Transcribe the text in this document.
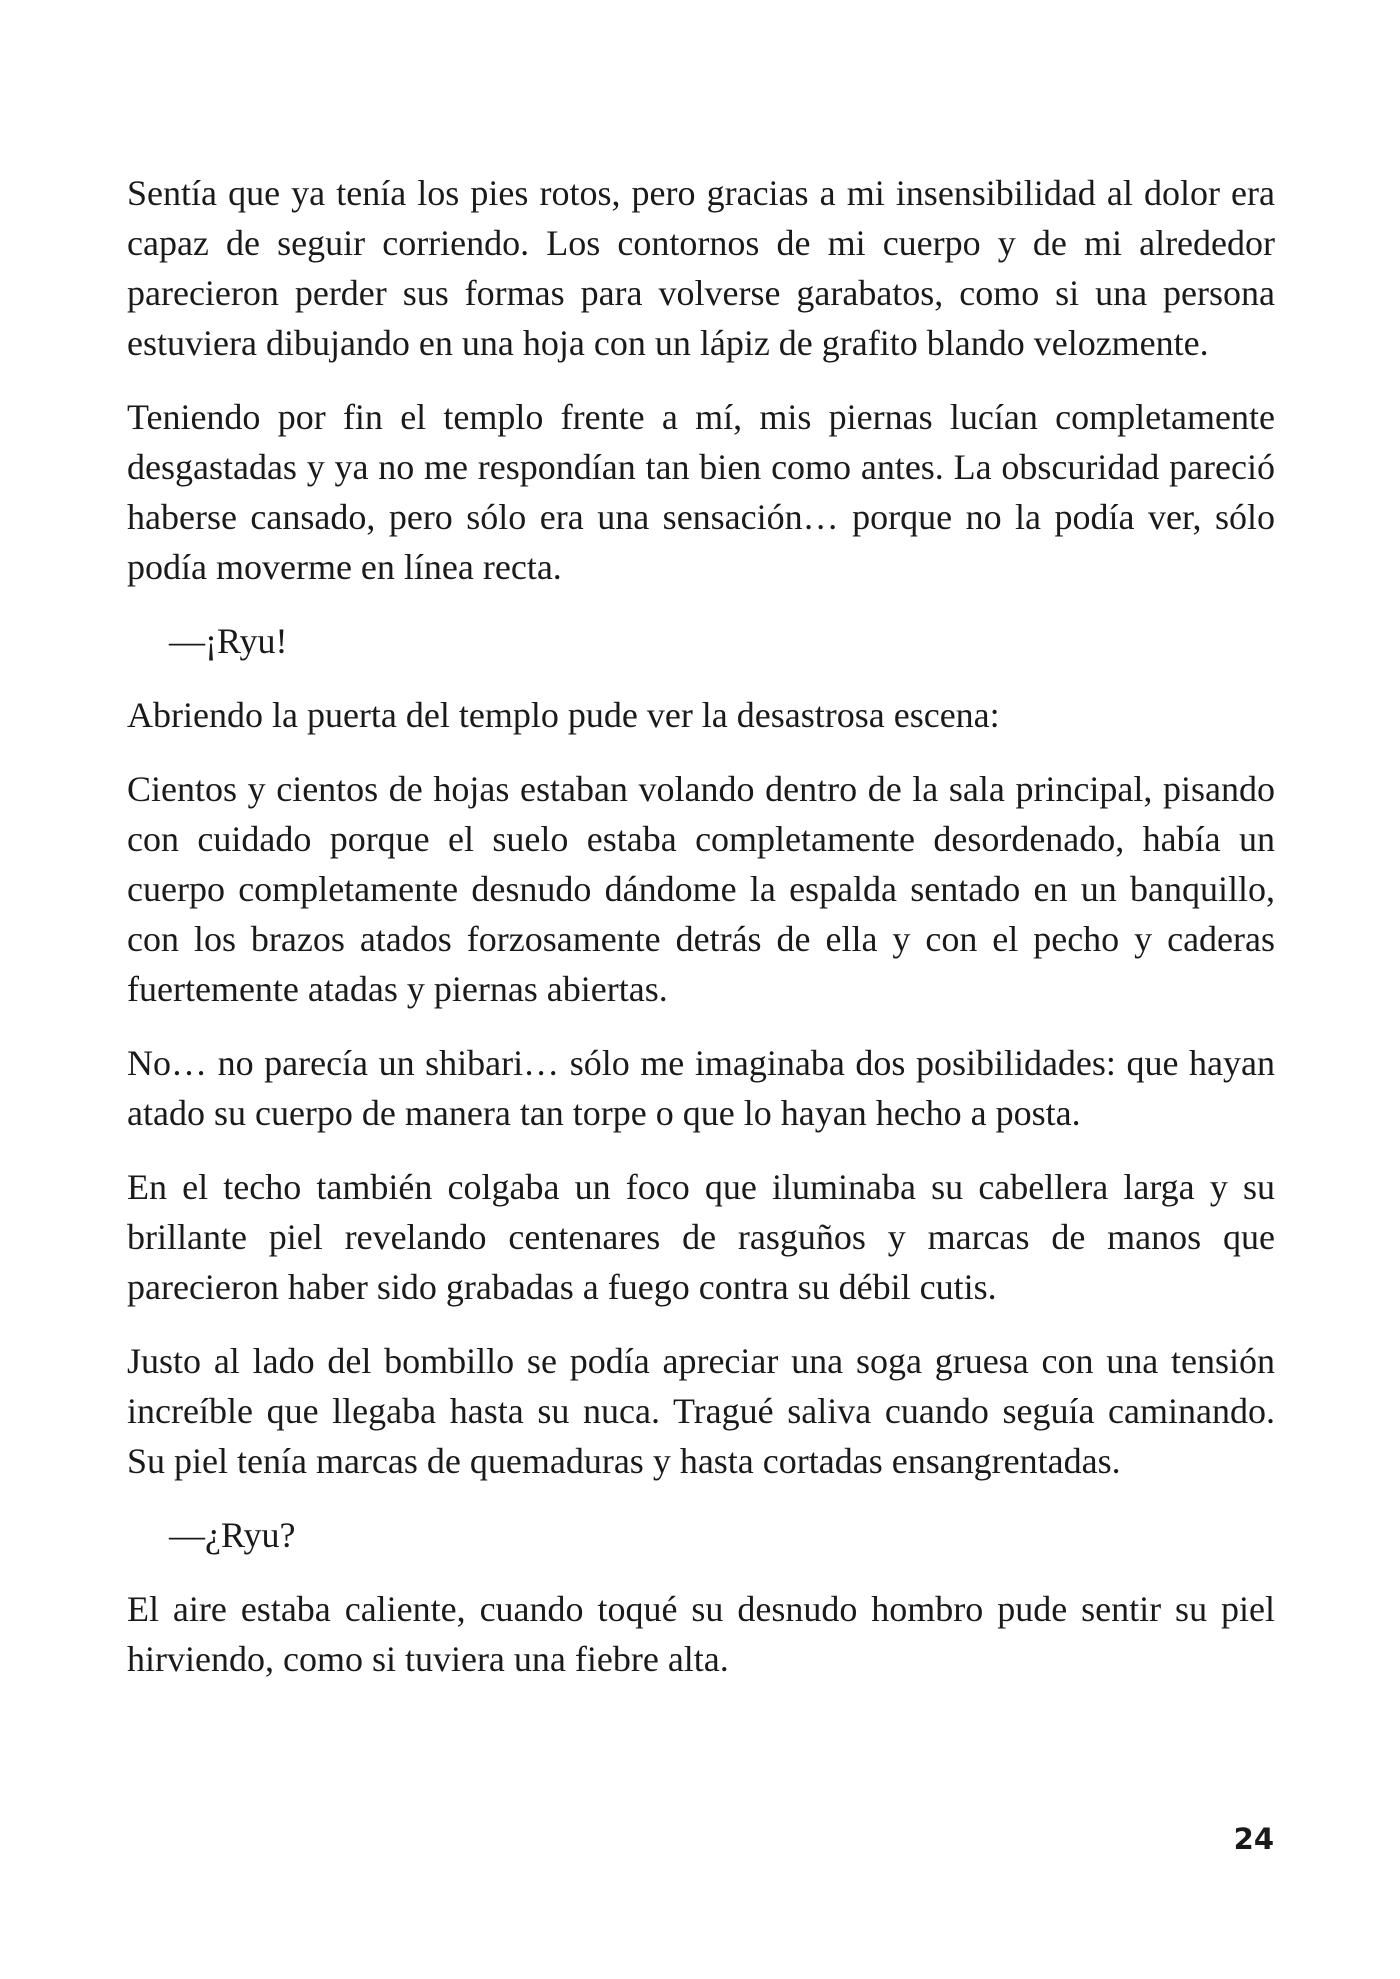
Sentía que ya tenía los pies rotos, pero gracias a mi insensibilidad al dolor era capaz de seguir corriendo. Los contornos de mi cuerpo y de mi alrededor parecieron perder sus formas para volverse garabatos, como si una persona estuviera dibujando en una hoja con un lápiz de grafito blando velozmente.

Teniendo por fin el templo frente a mí, mis piernas lucían completamente desgastadas y ya no me respondían tan bien como antes. La obscuridad pareció haberse cansado, pero sólo era una sensación… porque no la podía ver, sólo podía moverme en línea recta.

—¡Ryu!

Abriendo la puerta del templo pude ver la desastrosa escena:

Cientos y cientos de hojas estaban volando dentro de la sala principal, pisando con cuidado porque el suelo estaba completamente desordenado, había un cuerpo completamente desnudo dándome la espalda sentado en un banquillo, con los brazos atados forzosamente detrás de ella y con el pecho y caderas fuertemente atadas y piernas abiertas.

No… no parecía un shibari… sólo me imaginaba dos posibilidades: que hayan atado su cuerpo de manera tan torpe o que lo hayan hecho a posta.

En el techo también colgaba un foco que iluminaba su cabellera larga y su brillante piel revelando centenares de rasguños y marcas de manos que parecieron haber sido grabadas a fuego contra su débil cutis.

Justo al lado del bombillo se podía apreciar una soga gruesa con una tensión increíble que llegaba hasta su nuca. Tragué saliva cuando seguía caminando. Su piel tenía marcas de quemaduras y hasta cortadas ensangrentadas.

—¿Ryu?

El aire estaba caliente, cuando toqué su desnudo hombro pude sentir su piel hirviendo, como si tuviera una fiebre alta.

24
